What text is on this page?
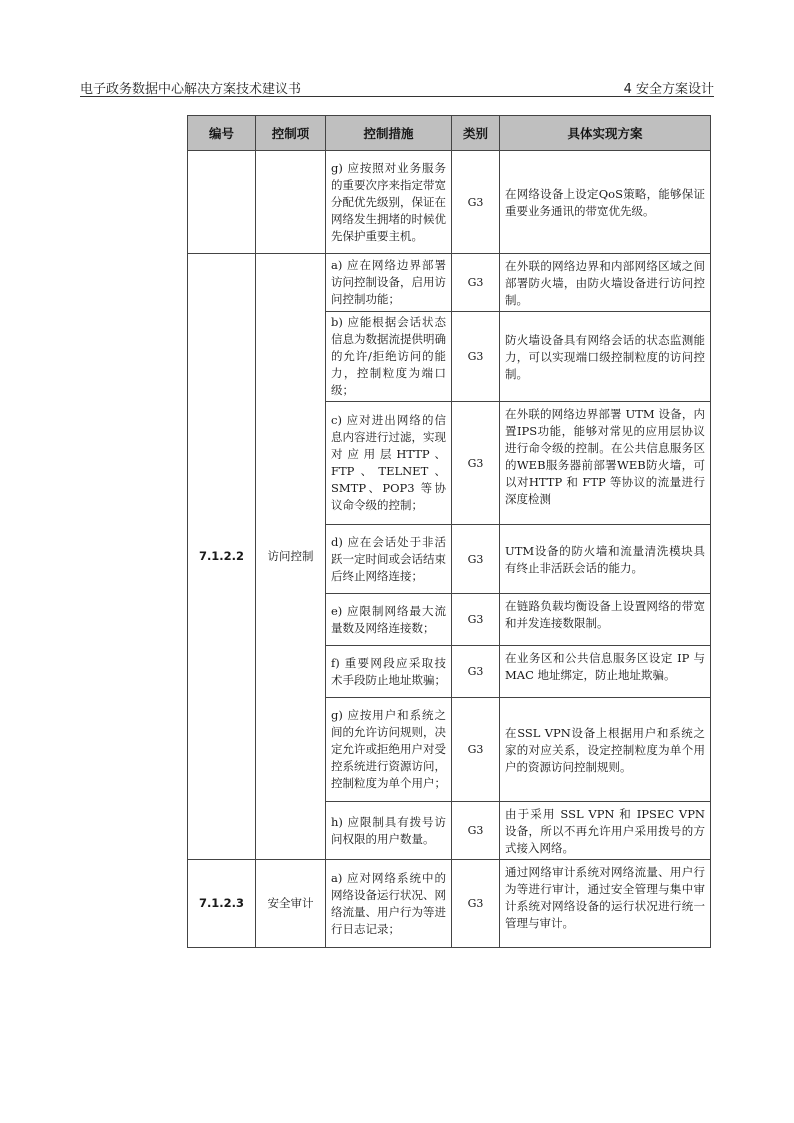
电子政务数据中心解决方案技术建议书	4 安全方案设计
编号	控制项	控制措施	类别	具体实现方案
		g) 应按照对业务服务的重要次序来指定带宽分配优先级别，保证在网络发生拥堵的时候优先保护重要主机。	G3	在网络设备上设定QoS策略，能够保证重要业务通讯的带宽优先级。
7.1.2.2	访问控制	a) 应在网络边界部署访问控制设备，启用访问控制功能；	G3	在外联的网络边界和内部网络区域之间部署防火墙，由防火墙设备进行访问控制。
		b) 应能根据会话状态信息为数据流提供明确的允许/拒绝访问的能力，控制粒度为端口级；	G3	防火墙设备具有网络会话的状态监测能力，可以实现端口级控制粒度的访问控制。
		c) 应对进出网络的信息内容进行过滤，实现对应用层HTTP、FTP、TELNET、SMTP、POP3 等协议命令级的控制；	G3	在外联的网络边界部署 UTM 设备，内置IPS功能，能够对常见的应用层协议进行命令级的控制。在公共信息服务区的WEB服务器前部署WEB防火墙，可以对HTTP 和 FTP 等协议的流量进行深度检测
		d) 应在会话处于非活跃一定时间或会话结束后终止网络连接；	G3	UTM设备的防火墙和流量清洗模块具有终止非活跃会话的能力。
		e) 应限制网络最大流量数及网络连接数；	G3	在链路负载均衡设备上设置网络的带宽和并发连接数限制。
		f) 重要网段应采取技术手段防止地址欺骗；	G3	在业务区和公共信息服务区设定 IP 与 MAC 地址绑定，防止地址欺骗。
		g) 应按用户和系统之间的允许访问规则，决定允许或拒绝用户对受控系统进行资源访问，控制粒度为单个用户；	G3	在SSL VPN设备上根据用户和系统之家的对应关系，设定控制粒度为单个用户的资源访问控制规则。
		h) 应限制具有拨号访问权限的用户数量。	G3	由于采用 SSL VPN 和 IPSEC VPN 设备，所以不再允许用户采用拨号的方式接入网络。
7.1.2.3	安全审计	a) 应对网络系统中的网络设备运行状况、网络流量、用户行为等进行日志记录；	G3	通过网络审计系统对网络流量、用户行为等进行审计，通过安全管理与集中审计系统对网络设备的运行状况进行统一管理与审计。
